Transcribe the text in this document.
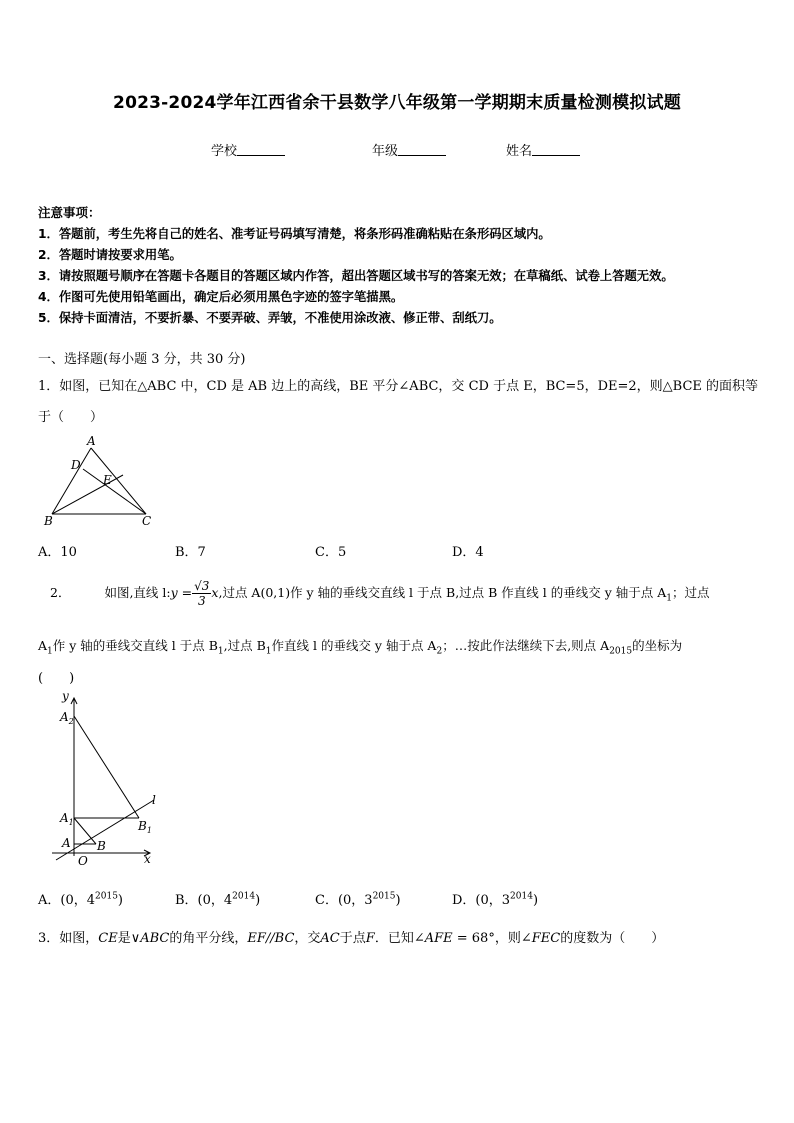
2023-2024学年江西省余干县数学八年级第一学期期末质量检测模拟试题
学校	年级	姓名
注意事项：
1．答题前，考生先将自己的姓名、准考证号码填写清楚，将条形码准确粘贴在条形码区域内。
2．答题时请按要求用笔。
3．请按照题号顺序在答题卡各题目的答题区域内作答，超出答题区域书写的答案无效；在草稿纸、试卷上答题无效。
4．作图可先使用铅笔画出，确定后必须用黑色字迹的签字笔描黑。
5．保持卡面清洁，不要折暴、不要弄破、弄皱，不准使用涂改液、修正带、刮纸刀。
一、选择题(每小题 3 分，共 30 分)
1．如图，已知在△ABC 中，CD 是 AB 边上的高线，BE 平分∠ABC，交 CD 于点 E，BC=5，DE=2，则△BCE 的面积等
于（　　）
A
D
E
B	C
A．10	B．7	C．5	D．4
2．	如图,直线 l:y = $\frac{√3}{3} x$,过点 A(0,1)作 y 轴的垂线交直线 l 于点 B,过点 B 作直线 l 的垂线交 y 轴于点 $A_1$；过点
$A_1$作 y 轴的垂线交直线 l 于点 $B_1$,过点 $B_1$作直线 l 的垂线交 y 轴于点 $A_2$；…按此作法继续下去,则点 $A_{2015}$的坐标为
(　　)
y
$A_2$
l
$A_1$	$B_1$
A B
O	x
A．(0，$4^{2015}$)	B．(0，$4^{2014}$)	C．(0，$3^{2015}$)	D．(0，$3^{2014}$)
3．如图，CE是∨ABC的角平分线，EF//BC，交AC于点F．已知∠AFE = 68°，则∠FEC的度数为（　　）
